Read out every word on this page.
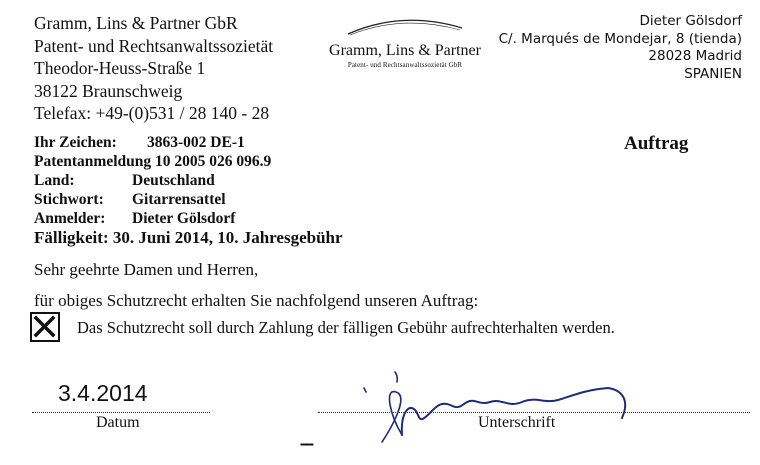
Gramm, Lins & Partner GbR
Patent- und Rechtsanwaltssozietät
Theodor-Heuss-Straße 1
38122 Braunschweig
Telefax: +49-(0)531 / 28 140 - 28
Gramm, Lins & Partner
Patent- und Rechtsanwaltssozietät GbR
Dieter Gölsdorf
C/. Marqués de Mondejar, 8 (tienda)
28028 Madrid
SPANIEN
Auftrag
Ihr Zeichen: 3863-002 DE-1
Patentanmeldung 10 2005 026 096.9
Land:	Deutschland
Stichwort: Gitarrensattel
Anmelder: Dieter Gölsdorf
Fälligkeit: 30. Juni 2014, 10. Jahresgebühr
Sehr geehrte Damen und Herren,
für obiges Schutzrecht erhalten Sie nachfolgend unseren Auftrag:
Das Schutzrecht soll durch Zahlung der fälligen Gebühr aufrechterhalten werden.
3.4.2014
Datum	Unterschrift
▪▪▪▪▪▪▪
